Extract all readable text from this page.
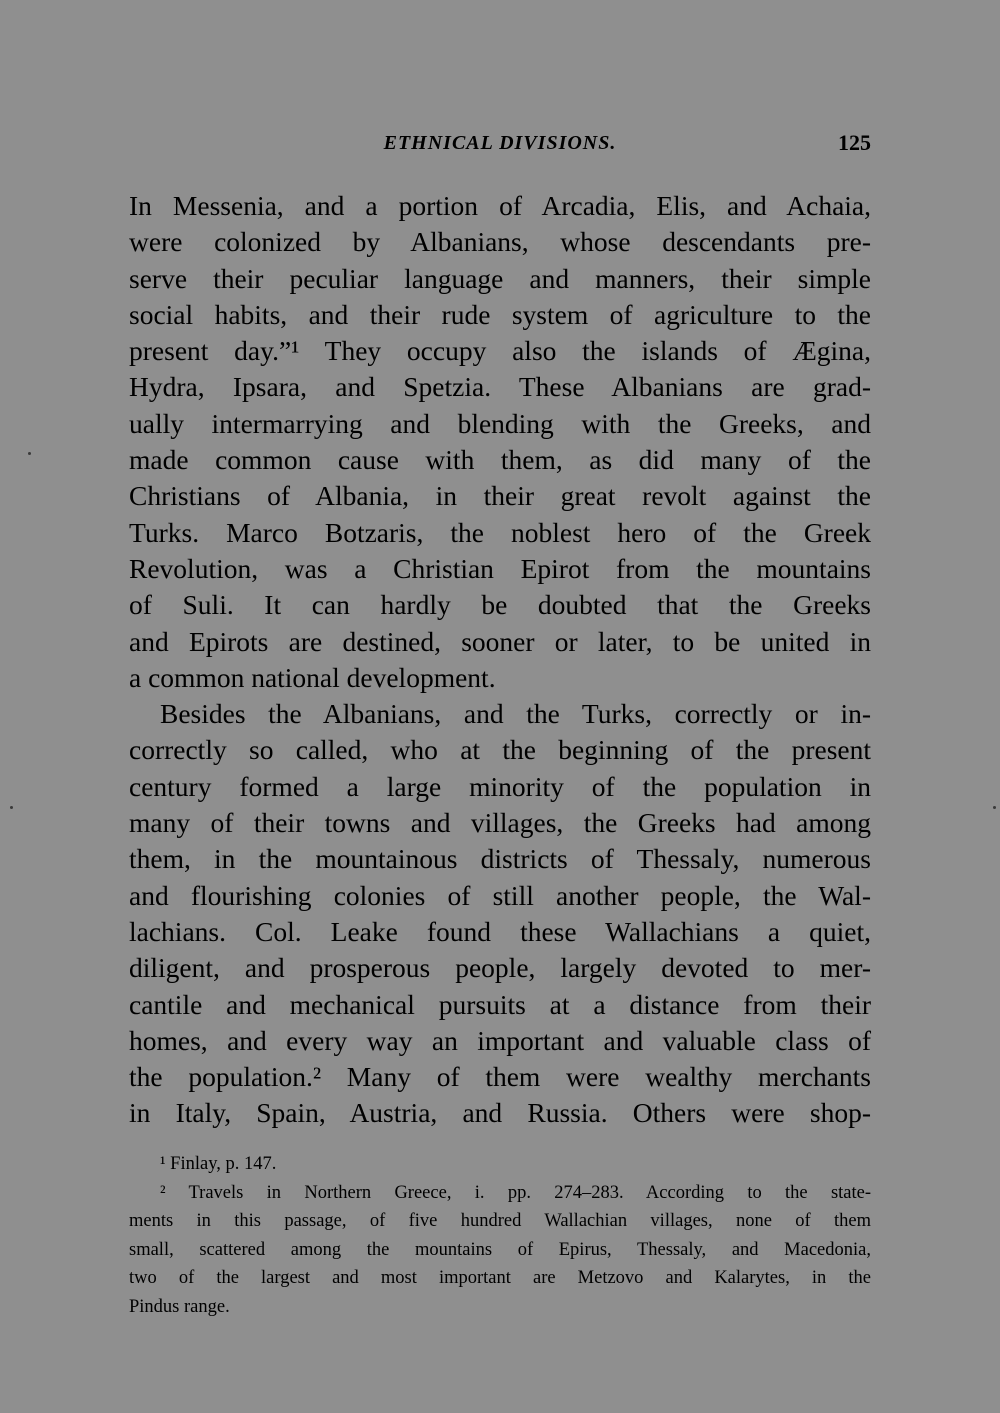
ETHNICAL DIVISIONS.	125
In Messenia, and a portion of Arcadia, Elis, and Achaia,
were colonized by Albanians, whose descendants pre-
serve their peculiar language and manners, their simple
social habits, and their rude system of agriculture to the
present day.”¹ They occupy also the islands of Ægina,
Hydra, Ipsara, and Spetzia. These Albanians are grad-
ually intermarrying and blending with the Greeks, and
made common cause with them, as did many of the
Christians of Albania, in their great revolt against the
Turks. Marco Botzaris, the noblest hero of the Greek
Revolution, was a Christian Epirot from the mountains
of Suli. It can hardly be doubted that the Greeks
and Epirots are destined, sooner or later, to be united in
a common national development.
Besides the Albanians, and the Turks, correctly or in-
correctly so called, who at the beginning of the present
century formed a large minority of the population in
many of their towns and villages, the Greeks had among
them, in the mountainous districts of Thessaly, numerous
and flourishing colonies of still another people, the Wal-
lachians. Col. Leake found these Wallachians a quiet,
diligent, and prosperous people, largely devoted to mer-
cantile and mechanical pursuits at a distance from their
homes, and every way an important and valuable class of
the population.² Many of them were wealthy merchants
in Italy, Spain, Austria, and Russia. Others were shop-
¹ Finlay, p. 147.
² Travels in Northern Greece, i. pp. 274–283. According to the state-
ments in this passage, of five hundred Wallachian villages, none of them
small, scattered among the mountains of Epirus, Thessaly, and Macedonia,
two of the largest and most important are Metzovo and Kalarytes, in the
Pindus range.
